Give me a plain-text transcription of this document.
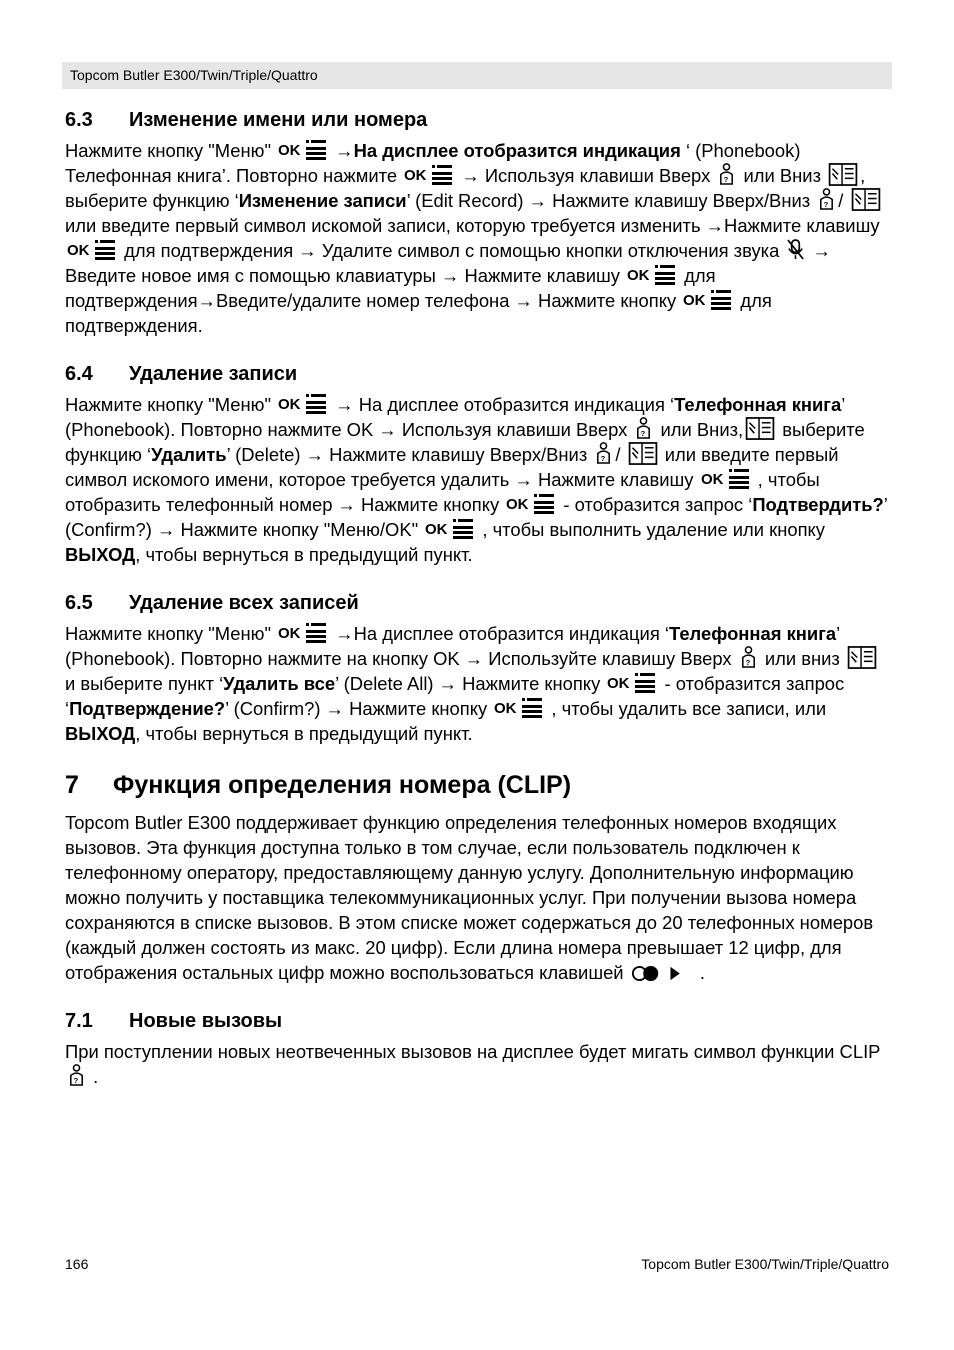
Topcom Butler E300/Twin/Triple/Quattro
6.3 Изменение имени или номера

Нажмите кнопку "Меню"	→На дисплее отобразится индикация ‘ (Phonebook) Телефонная книга’. Повторно нажмите	→ Используя клавиши Вверх  или Вниз , выберите функцию ‘Изменение записи’ (Edit Record) → Нажмите клавишу Вверх/Вниз /  или введите первый символ искомой записи, которую требуется изменить →Нажмите клавишу  для подтверждения → Удалите символ с помощью кнопки отключения звука  → Введите новое имя с помощью клавиатуры → Нажмите клавишу	для подтверждения→Введите/удалите номер телефона → Нажмите кнопку	для подтверждения.

6.4 Удаление записи

Нажмите кнопку "Меню"	→ На дисплее отобразится индикация ‘Телефонная книга’ (Phonebook). Повторно нажмите OK → Используя клавиши Вверх  или Вниз, выберите функцию ‘Удалить’ (Delete) → Нажмите клавишу Вверх/Вниз /  или введите первый символ искомого имени, которое требуется удалить → Нажмите клавишу	, чтобы отобразить телефонный номер → Нажмите кнопку	- отобразится запрос ‘Подтвердить?’ (Confirm?) → Нажмите кнопку "Меню/OK"	, чтобы выполнить удаление или кнопку ВЫХОД, чтобы вернуться в предыдущий пункт.

6.5 Удаление всех записей

Нажмите кнопку "Меню"	→На дисплее отобразится индикация ‘Телефонная книга’ (Phonebook). Повторно нажмите на кнопку OK → Используйте клавишу Вверх  или вниз  и выберите пункт ‘Удалить все’ (Delete All) → Нажмите кнопку	- отобразится запрос ‘Подтверждение?’ (Confirm?) → Нажмите кнопку	, чтобы удалить все записи, или ВЫХОД, чтобы вернуться в предыдущий пункт.

7 Функция определения номера (CLIP)

Topcom Butler E300 поддерживает функцию определения телефонных номеров входящих вызовов. Эта функция доступна только в том случае, если пользователь подключен к телефонному оператору, предоставляющему данную услугу. Дополнительную информацию можно получить у поставщика телекоммуникационных услуг. При получении вызова номера сохраняются в списке вызовов. В этом списке может содержаться до 20 телефонных номеров (каждый должен состоять из макс. 20 цифр). Если длина номера превышает 12 цифр, для отображения остальных цифр можно воспользоваться клавишей	.

7.1 Новые вызовы

При поступлении новых неотвеченных вызовов на дисплее будет мигать символ функции CLIP  .

166	Topcom Butler E300/Twin/Triple/Quattro
